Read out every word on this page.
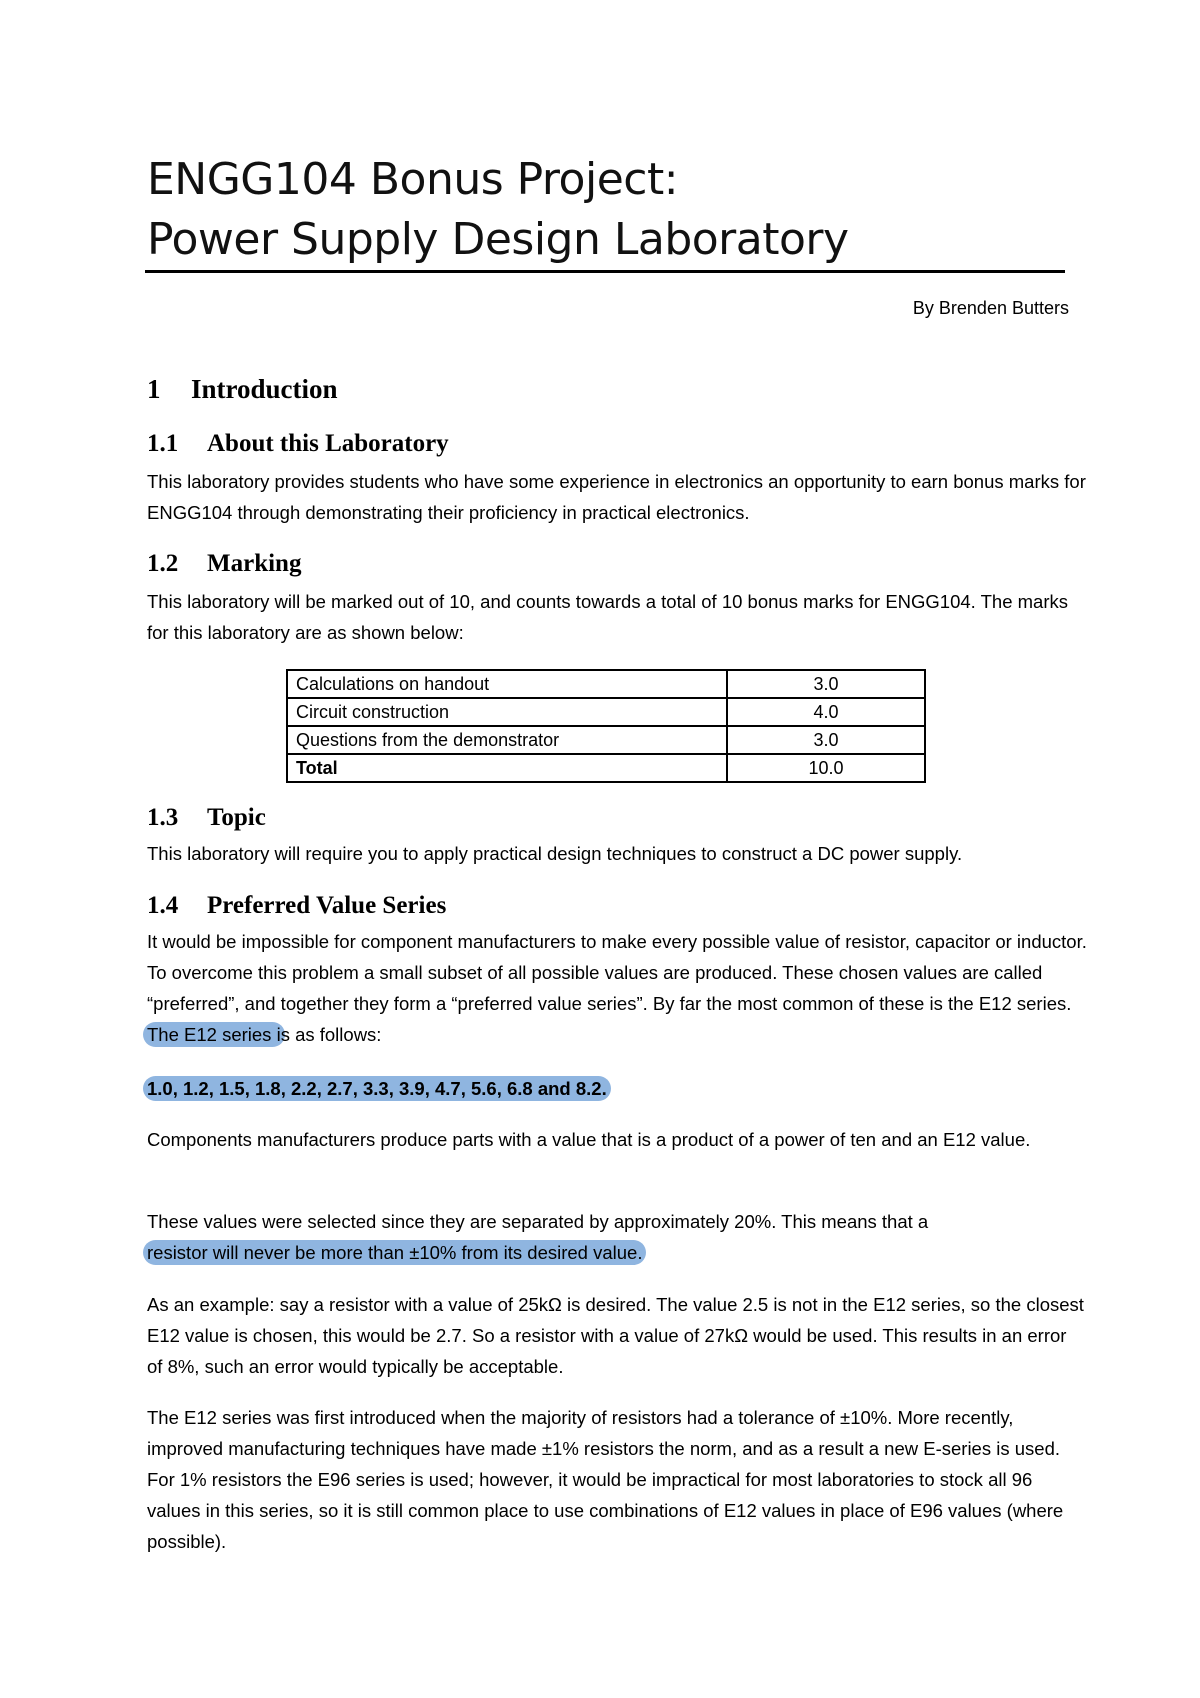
ENGG104 Bonus Project:
Power Supply Design Laboratory
By Brenden Butters
1 Introduction
1.1 About this Laboratory
This laboratory provides students who have some experience in electronics an opportunity to earn bonus marks for ENGG104 through demonstrating their proficiency in practical electronics.
1.2 Marking
This laboratory will be marked out of 10, and counts towards a total of 10 bonus marks for ENGG104. The marks for this laboratory are as shown below:
Calculations on handout	3.0
Circuit construction	4.0
Questions from the demonstrator	3.0
Total	10.0
1.3 Topic
This laboratory will require you to apply practical design techniques to construct a DC power supply.
1.4 Preferred Value Series
It would be impossible for component manufacturers to make every possible value of resistor, capacitor or inductor. To overcome this problem a small subset of all possible values are produced. These chosen values are called “preferred”, and together they form a “preferred value series”. By far the most common of these is the E12 series. The E12 series is as follows:
1.0, 1.2, 1.5, 1.8, 2.2, 2.7, 3.3, 3.9, 4.7, 5.6, 6.8 and 8.2.
Components manufacturers produce parts with a value that is a product of a power of ten and an E12 value.
These values were selected since they are separated by approximately 20%. This means that a
resistor will never be more than ±10% from its desired value.
As an example: say a resistor with a value of 25kΩ is desired. The value 2.5 is not in the E12 series, so the closest E12 value is chosen, this would be 2.7. So a resistor with a value of 27kΩ would be used. This results in an error of 8%, such an error would typically be acceptable.
The E12 series was first introduced when the majority of resistors had a tolerance of ±10%. More recently, improved manufacturing techniques have made ±1% resistors the norm, and as a result a new E-series is used. For 1% resistors the E96 series is used; however, it would be impractical for most laboratories to stock all 96 values in this series, so it is still common place to use combinations of E12 values in place of E96 values (where possible).
